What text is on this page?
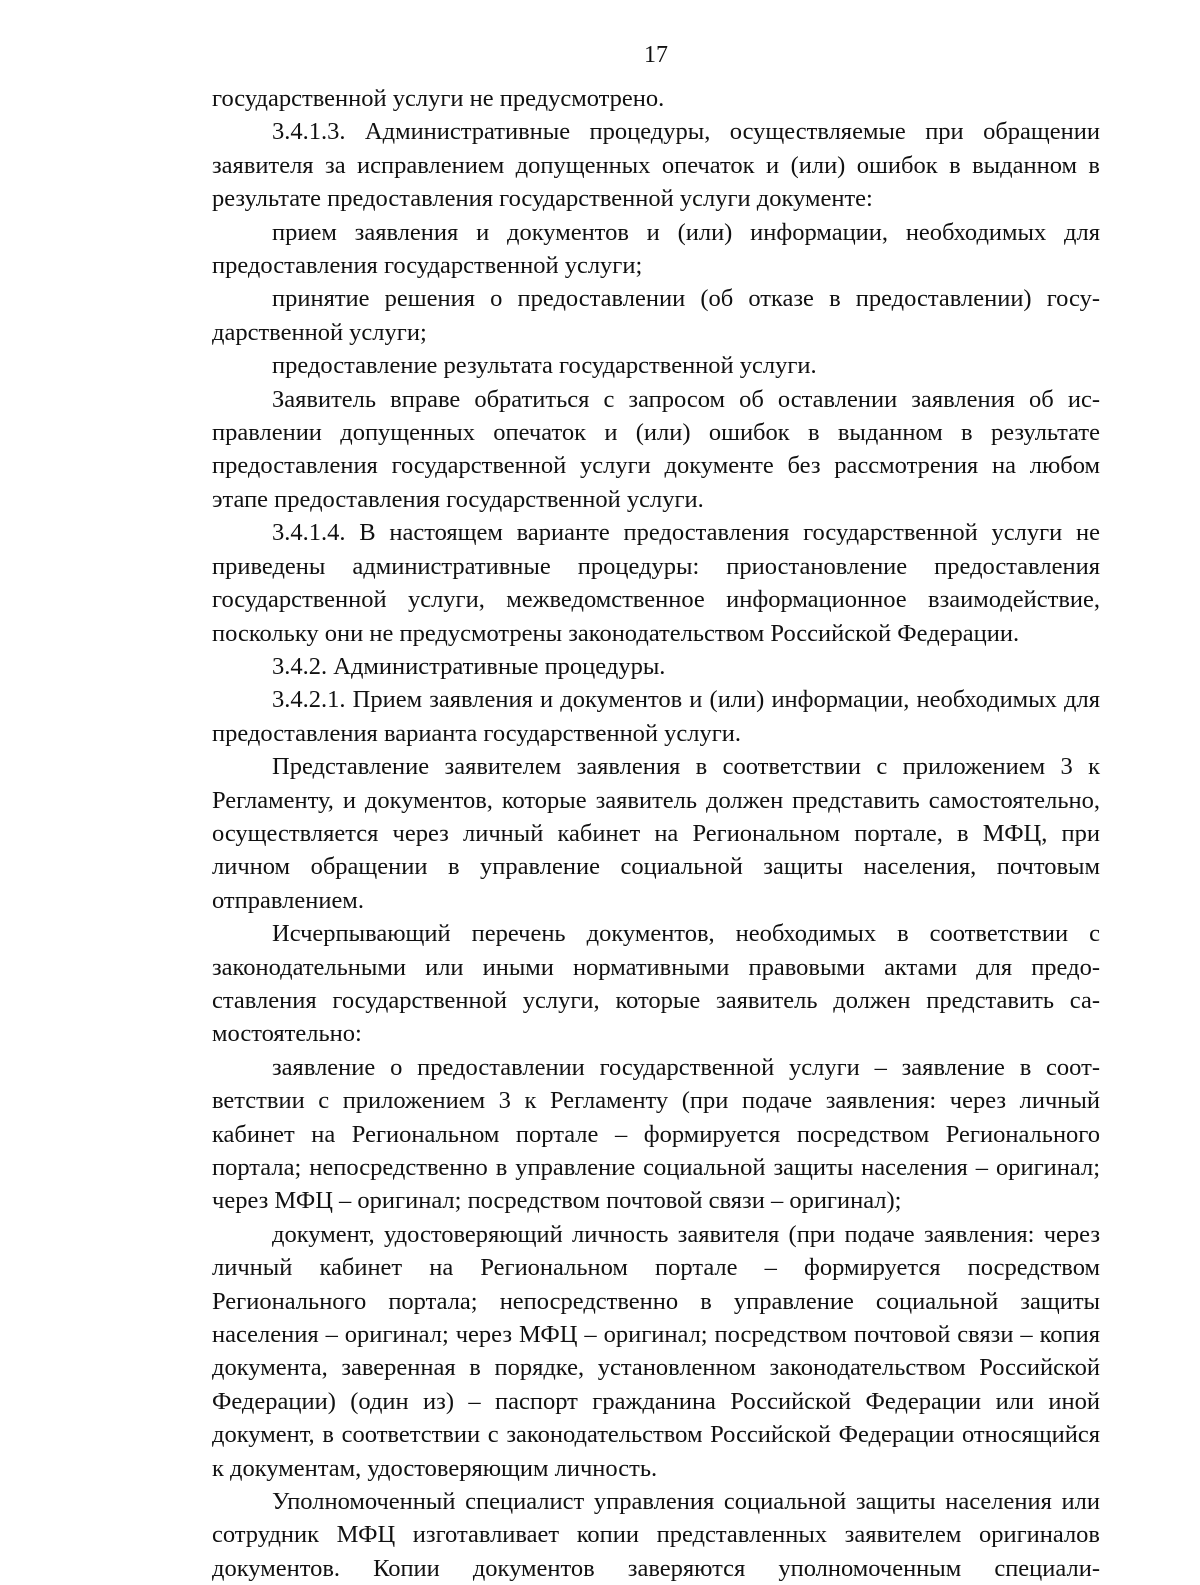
17

государственной услуги не предусмотрено.

3.4.1.3. Административные процедуры, осуществляемые при обращении заявителя за исправлением допущенных опечаток и (или) ошибок в выданном в результате предоставления государственной услуги документе:

прием заявления и документов и (или) информации, необходимых для предоставления государственной услуги;

принятие решения о предоставлении (об отказе в предоставлении) государственной услуги;

предоставление результата государственной услуги.

Заявитель вправе обратиться с запросом об оставлении заявления об исправлении допущенных опечаток и (или) ошибок в выданном в результате предоставления государственной услуги документе без рассмотрения на любом этапе предоставления государственной услуги.

3.4.1.4. В настоящем варианте предоставления государственной услуги не приведены административные процедуры: приостановление предоставления государственной услуги, межведомственное информационное взаимодействие, поскольку они не предусмотрены законодательством Российской Федерации.

3.4.2. Административные процедуры.

3.4.2.1. Прием заявления и документов и (или) информации, необходимых для предоставления варианта государственной услуги.

Представление заявителем заявления в соответствии с приложением 3 к Регламенту, и документов, которые заявитель должен представить самостоятельно, осуществляется через личный кабинет на Региональном портале, в МФЦ, при личном обращении в управление социальной защиты населения, почтовым отправлением.

Исчерпывающий перечень документов, необходимых в соответствии с законодательными или иными нормативными правовыми актами для предоставления государственной услуги, которые заявитель должен представить самостоятельно:

заявление о предоставлении государственной услуги – заявление в соответствии с приложением 3 к Регламенту (при подаче заявления: через личный кабинет на Региональном портале – формируется посредством Регионального портала; непосредственно в управление социальной защиты населения – оригинал; через МФЦ – оригинал; посредством почтовой связи – оригинал);

документ, удостоверяющий личность заявителя (при подаче заявления: через личный кабинет на Региональном портале – формируется посредством Регионального портала; непосредственно в управление социальной защиты населения – оригинал; через МФЦ – оригинал; посредством почтовой связи – копия документа, заверенная в порядке, установленном законодательством Российской Федерации) (один из) – паспорт гражданина Российской Федерации или иной документ, в соответствии с законодательством Российской Федерации относящийся к документам, удостоверяющим личность.

Уполномоченный специалист управления социальной защиты населения или сотрудник МФЦ изготавливает копии представленных заявителем оригиналов документов. Копии документов заверяются уполномоченным специали-
